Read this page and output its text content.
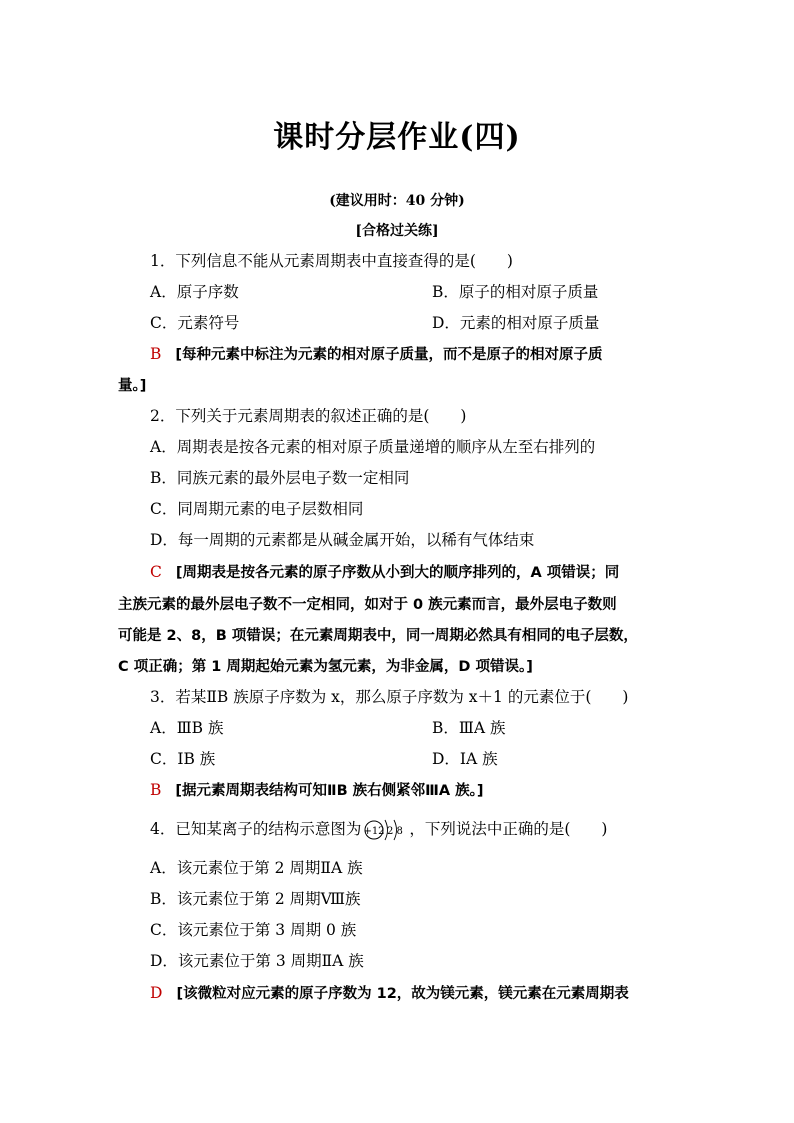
课时分层作业(四)
(建议用时：40 分钟)
[合格过关练]
1．下列信息不能从元素周期表中直接查得的是(　　)
A．原子序数	B．原子的相对原子质量
C．元素符号	D．元素的相对原子质量
B [每种元素中标注为元素的相对原子质量，而不是原子的相对原子质
量。]
2．下列关于元素周期表的叙述正确的是(　　)
A．周期表是按各元素的相对原子质量递增的顺序从左至右排列的
B．同族元素的最外层电子数一定相同
C．同周期元素的电子层数相同
D．每一周期的元素都是从碱金属开始，以稀有气体结束
C [周期表是按各元素的原子序数从小到大的顺序排列的，A 项错误；同
主族元素的最外层电子数不一定相同，如对于 0 族元素而言，最外层电子数则
可能是 2、8，B 项错误；在元素周期表中，同一周期必然具有相同的电子层数，
C 项正确；第 1 周期起始元素为氢元素，为非金属，D 项错误。]
3．若某ⅡB 族原子序数为 x，那么原子序数为 x＋1 的元素位于(　　)
A．ⅢB 族	B．ⅢA 族
C．ⅠB 族	D．ⅠA 族
B [据元素周期表结构可知ⅡB 族右侧紧邻ⅢA 族。]
4．已知某离子的结构示意图为 +12 2 8 ，下列说法中正确的是(　　)
A．该元素位于第 2 周期ⅡA 族
B．该元素位于第 2 周期Ⅷ族
C．该元素位于第 3 周期 0 族
D．该元素位于第 3 周期ⅡA 族
D [该微粒对应元素的原子序数为 12，故为镁元素，镁元素在元素周期表
